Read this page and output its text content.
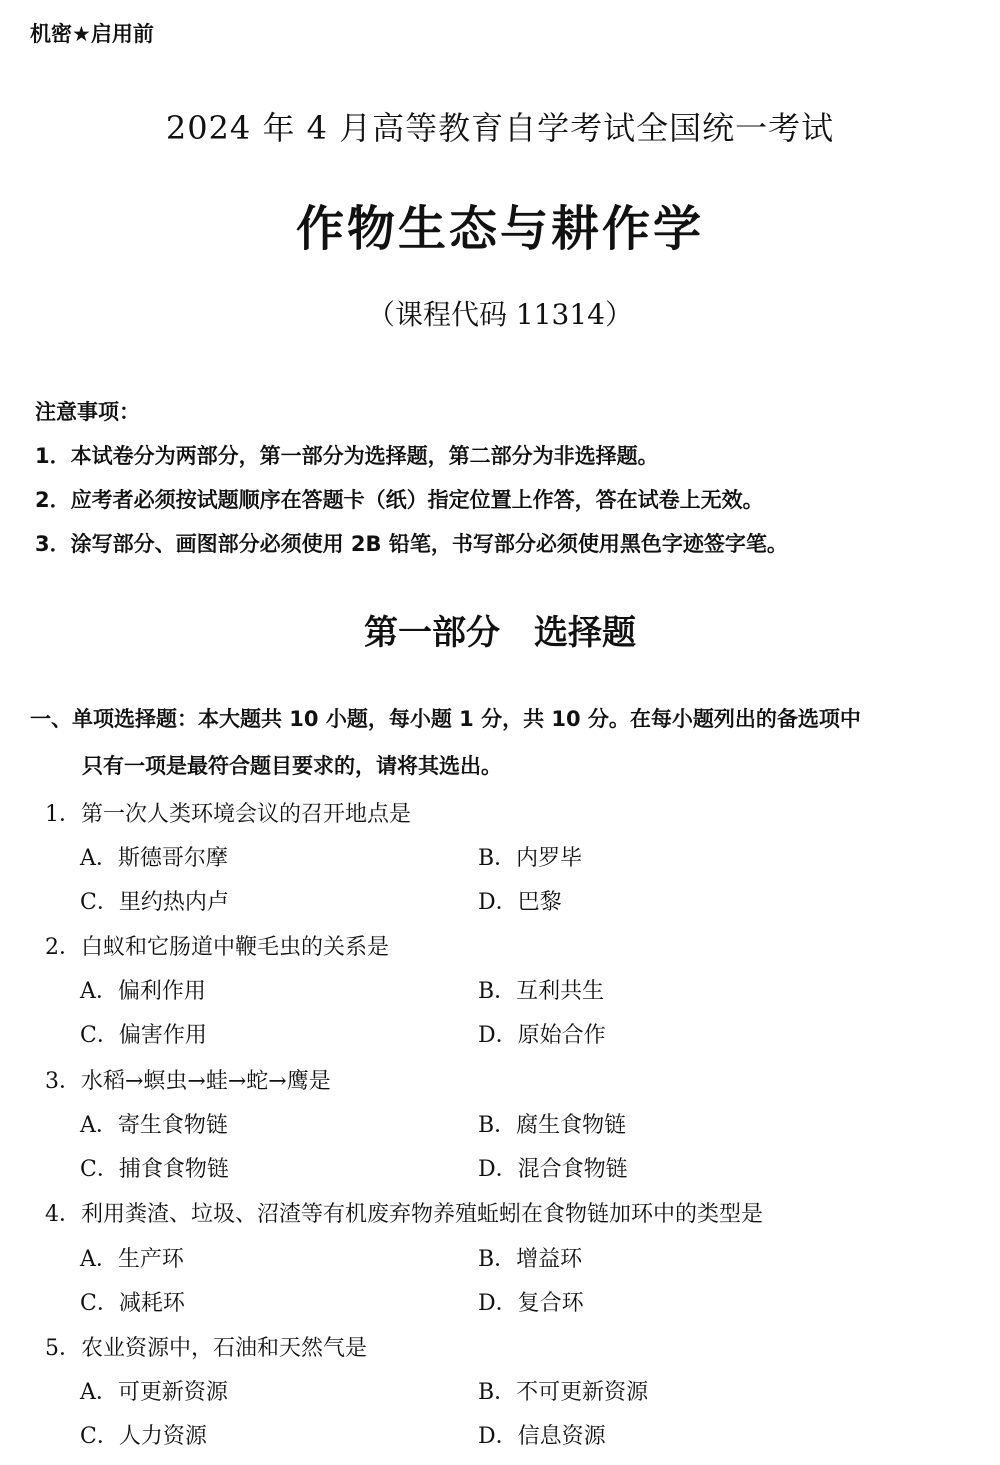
机密★启用前
2024 年 4 月高等教育自学考试全国统一考试
作物生态与耕作学
（课程代码 11314）
注意事项：
1．本试卷分为两部分，第一部分为选择题，第二部分为非选择题。
2．应考者必须按试题顺序在答题卡（纸）指定位置上作答，答在试卷上无效。
3．涂写部分、画图部分必须使用 2B 铅笔，书写部分必须使用黑色字迹签字笔。
第一部分　选择题
一、单项选择题：本大题共 10 小题，每小题 1 分，共 10 分。在每小题列出的备选项中
只有一项是最符合题目要求的，请将其选出。
1．第一次人类环境会议的召开地点是
A．斯德哥尔摩	B．内罗毕
C．里约热内卢	D．巴黎
2．白蚁和它肠道中鞭毛虫的关系是
A．偏利作用	B．互利共生
C．偏害作用	D．原始合作
3．水稻→螟虫→蛙→蛇→鹰是
A．寄生食物链	B．腐生食物链
C．捕食食物链	D．混合食物链
4．利用粪渣、垃圾、沼渣等有机废弃物养殖蚯蚓在食物链加环中的类型是
A．生产环	B．增益环
C．减耗环	D．复合环
5．农业资源中，石油和天然气是
A．可更新资源	B．不可更新资源
C．人力资源	D．信息资源
